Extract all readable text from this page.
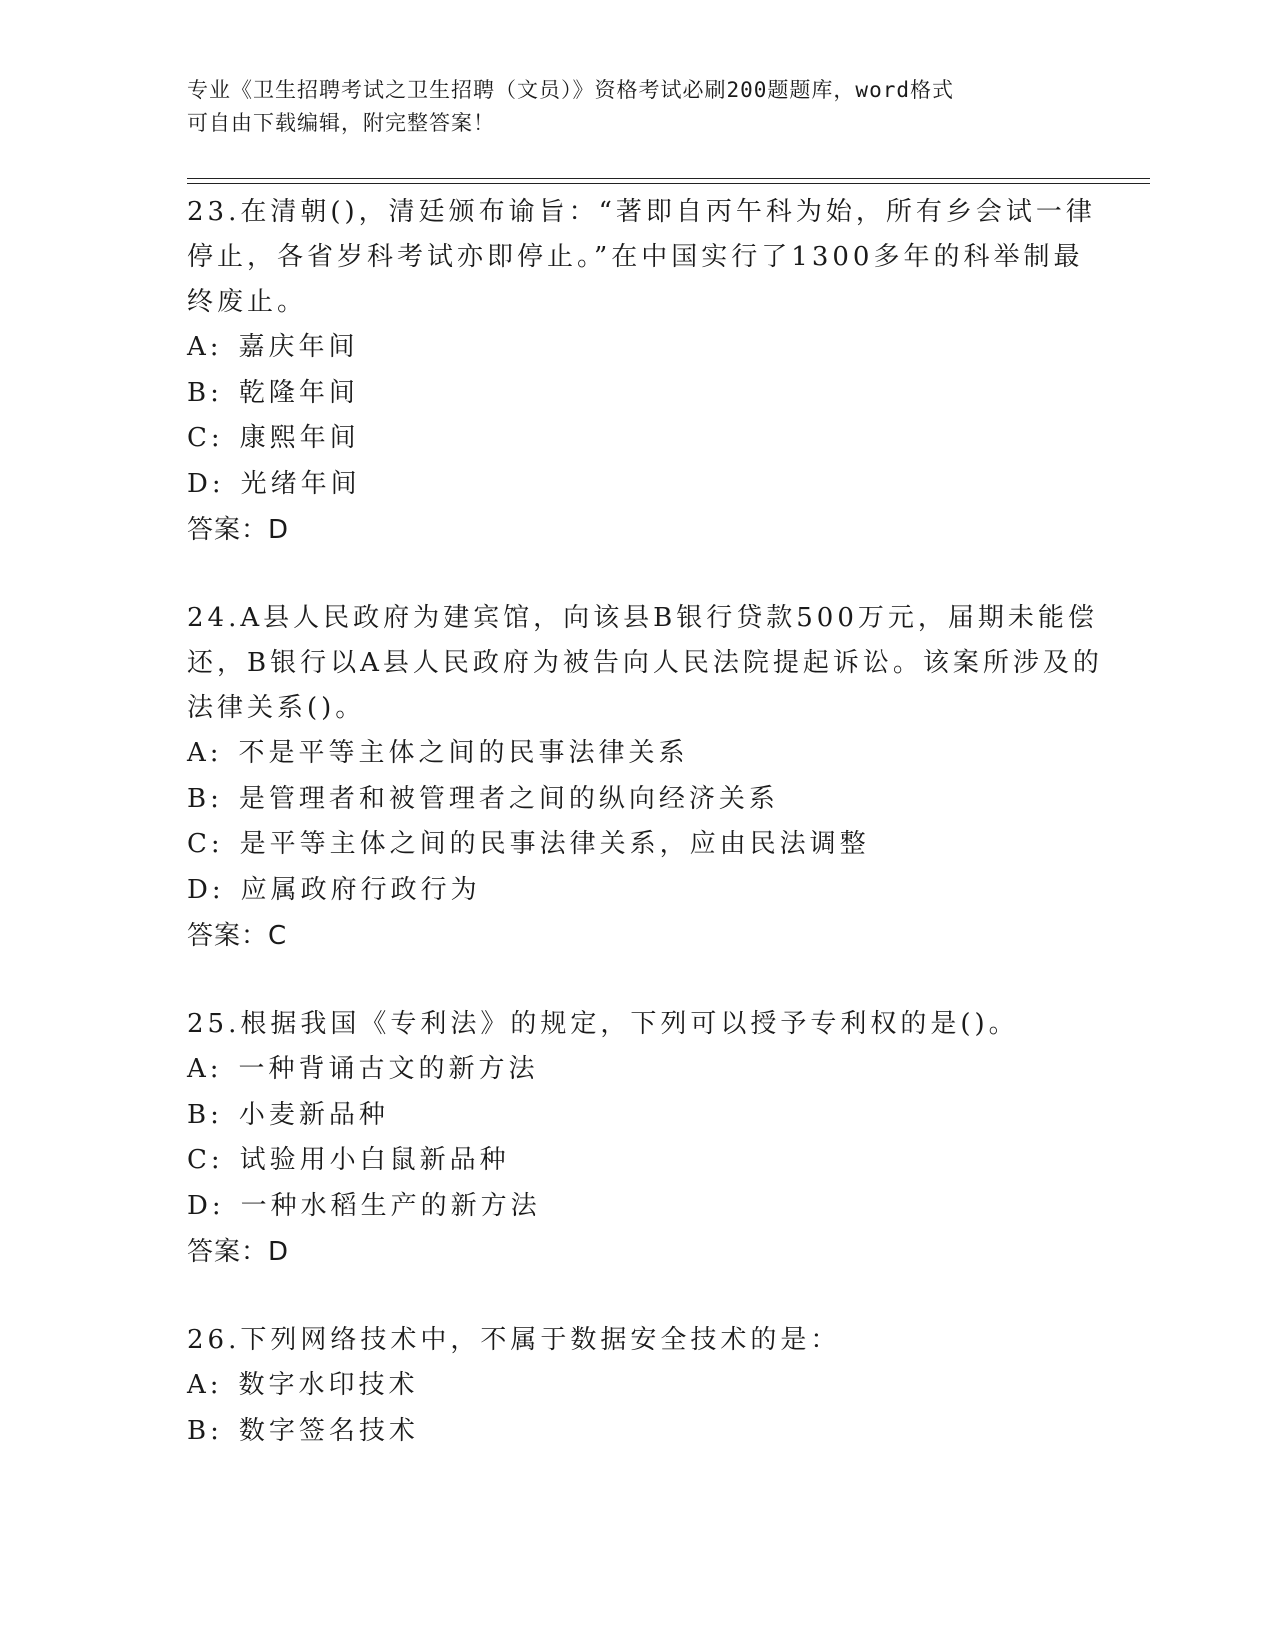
专业《卫生招聘考试之卫生招聘（文员）》资格考试必刷200题题库，word格式
可自由下载编辑，附完整答案！
23.在清朝()，清廷颁布谕旨：“著即自丙午科为始，所有乡会试一律
停止，各省岁科考试亦即停止。”在中国实行了1300多年的科举制最
终废止。
A: 嘉庆年间
B: 乾隆年间
C: 康熙年间
D: 光绪年间
答案：D
24.A县人民政府为建宾馆，向该县B银行贷款500万元，届期未能偿
还，B银行以A县人民政府为被告向人民法院提起诉讼。该案所涉及的
法律关系()。
A: 不是平等主体之间的民事法律关系
B: 是管理者和被管理者之间的纵向经济关系
C: 是平等主体之间的民事法律关系，应由民法调整
D: 应属政府行政行为
答案：C
25.根据我国《专利法》的规定，下列可以授予专利权的是()。
A: 一种背诵古文的新方法
B: 小麦新品种
C: 试验用小白鼠新品种
D: 一种水稻生产的新方法
答案：D
26.下列网络技术中，不属于数据安全技术的是：
A: 数字水印技术
B: 数字签名技术
